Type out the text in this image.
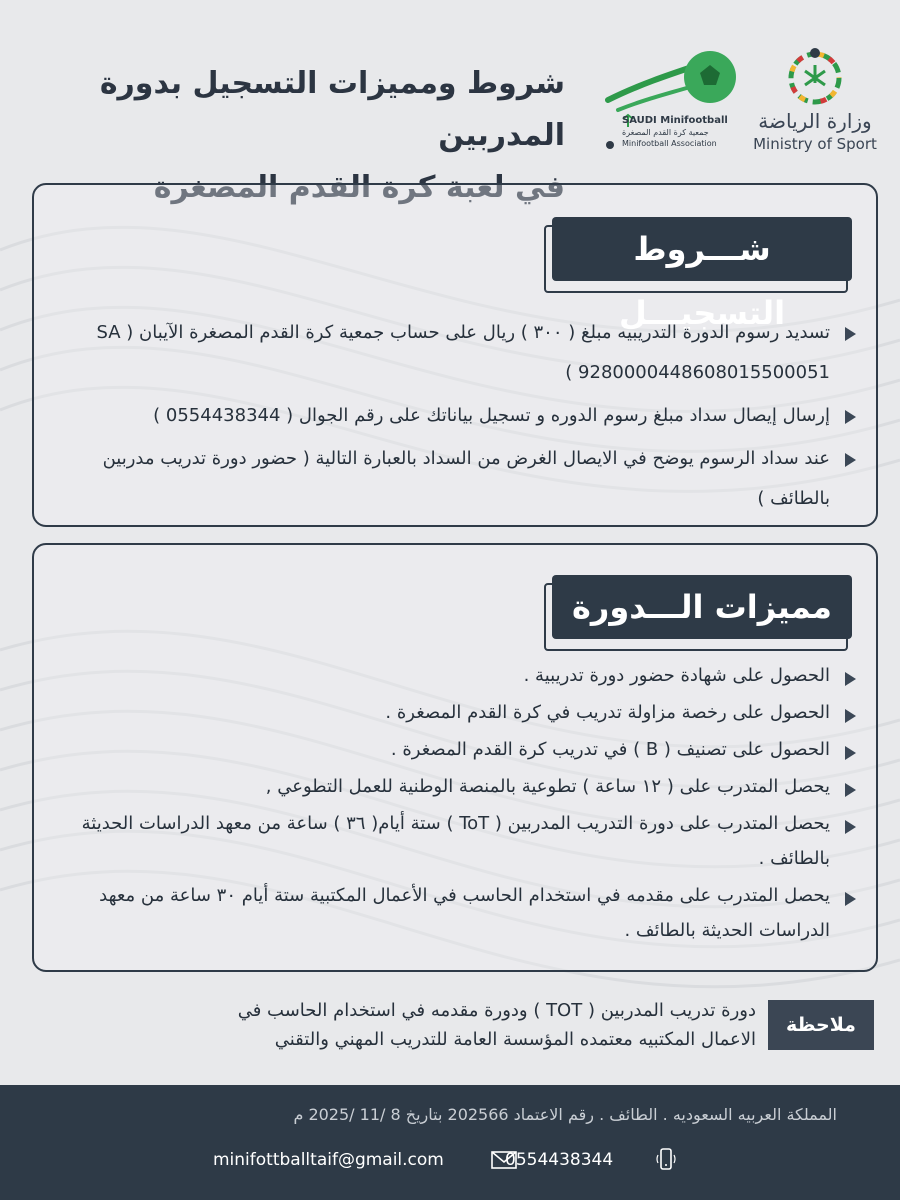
شروط ومميزات التسجيل بدورة المدربين
في لعبة كرة القدم المصغرة
SAUDI Minifootball
جمعية كرة القدم المصغرة
Minifootball Association
وزارة الرياضة
Ministry of Sport
شـــروط التسجيـــل
تسديد رسوم الدورة التدريبيه مبلغ ( ٣٠٠ ) ريال على حساب جمعية كرة القدم المصغرة الآيبان ( SA 9280000448608015500051 )
إرسال إيصال سداد مبلغ رسوم الدوره و تسجيل بياناتك على رقم الجوال ( 0554438344 )
عند سداد الرسوم يوضح في الايصال الغرض من السداد بالعبارة التالية ( حضور دورة تدريب مدربين بالطائف )
مميزات الـــدورة
الحصول على شهادة حضور دورة تدريبية .
الحصول على رخصة مزاولة تدريب في كرة القدم المصغرة .
الحصول على تصنيف ( B ) في تدريب كرة القدم المصغرة .
يحصل المتدرب على ( ١٢ ساعة ) تطوعية بالمنصة الوطنية للعمل التطوعي ,
يحصل المتدرب على دورة التدريب المدربين ( ToT ) ستة أيام( ٣٦ ) ساعة من معهد الدراسات الحديثة بالطائف .
يحصل المتدرب على مقدمه في استخدام الحاسب في الأعمال المكتبية ستة أيام ٣٠ ساعة من معهد الدراسات الحديثة بالطائف .
ملاحظة
دورة تدريب المدربين ( TOT ) ودورة مقدمه في استخدام الحاسب في الاعمال المكتبيه معتمده المؤسسة العامة للتدريب المهني والتقني
المملكة العربيه السعوديه . الطائف . رقم الاعتماد 202566 بتاريخ 8 /11 /2025 م
0554438344
minifottballtaif@gmail.com
